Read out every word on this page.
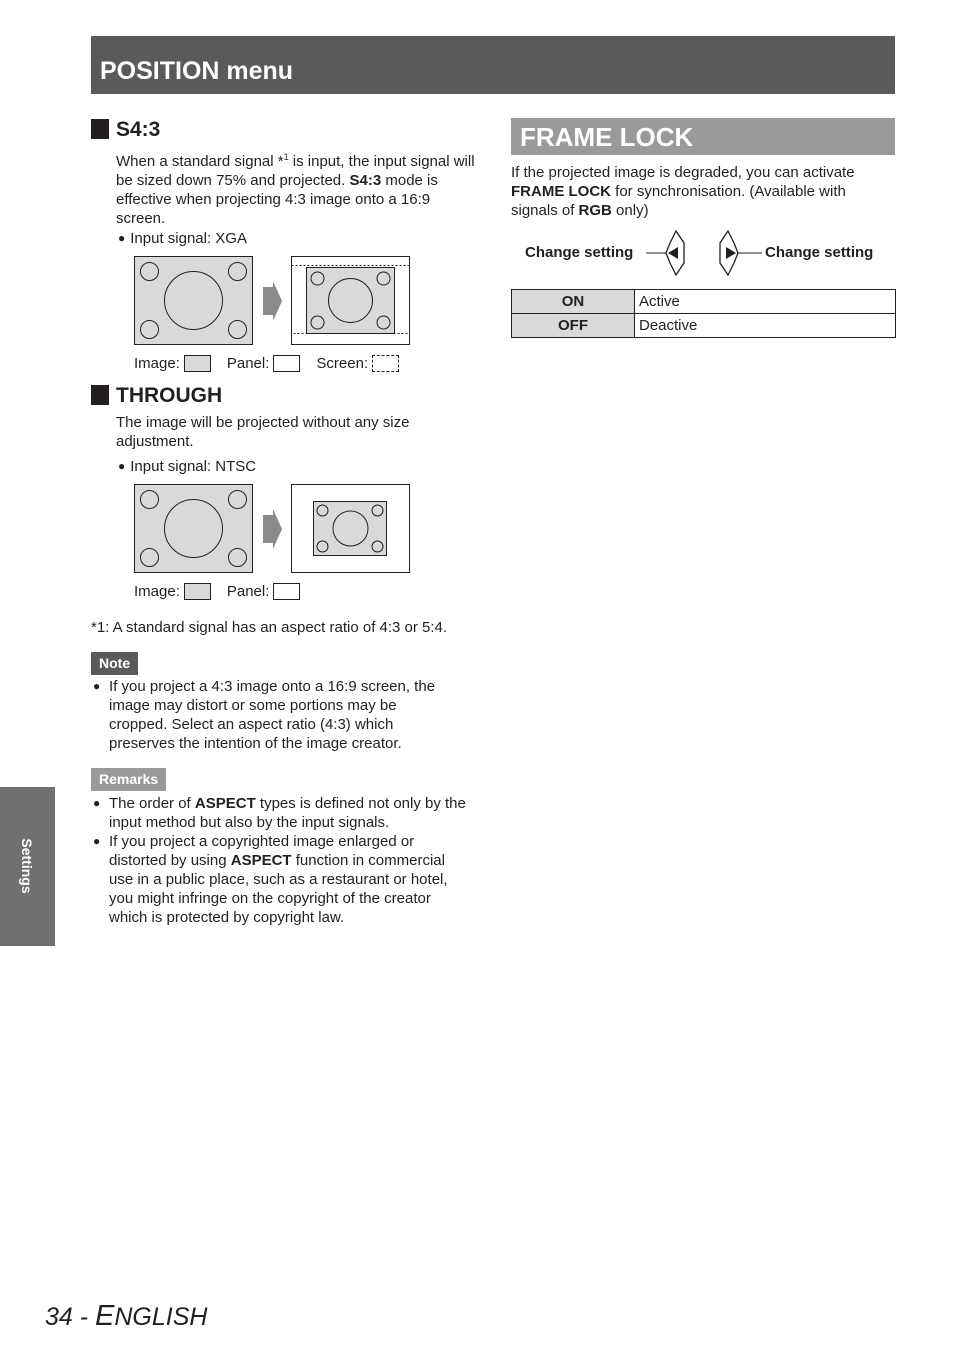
POSITION menu
S4:3
When a standard signal *$^1$ is input, the input signal will be sized down 75% and projected. S4:3 mode is effective when projecting 4:3 image onto a 16:9 screen.
● Input signal: XGA
Image:	Panel:	Screen:
THROUGH
The image will be projected without any size adjustment.
● Input signal: NTSC
Image:	Panel:
*1: A standard signal has an aspect ratio of 4:3 or 5:4.
Note
● If you project a 4:3 image onto a 16:9 screen, the image may distort or some portions may be cropped. Select an aspect ratio (4:3) which preserves the intention of the image creator.
Remarks
● The order of ASPECT types is defined not only by the input method but also by the input signals.
● If you project a copyrighted image enlarged or distorted by using ASPECT function in commercial use in a public place, such as a restaurant or hotel, you might infringe on the copyright of the creator which is protected by copyright law.
FRAME LOCK
If the projected image is degraded, you can activate FRAME LOCK for synchronisation. (Available with signals of RGB only)
Change setting	Change setting
ON	Active
OFF	Deactive
Settings
34 - ENGLISH
